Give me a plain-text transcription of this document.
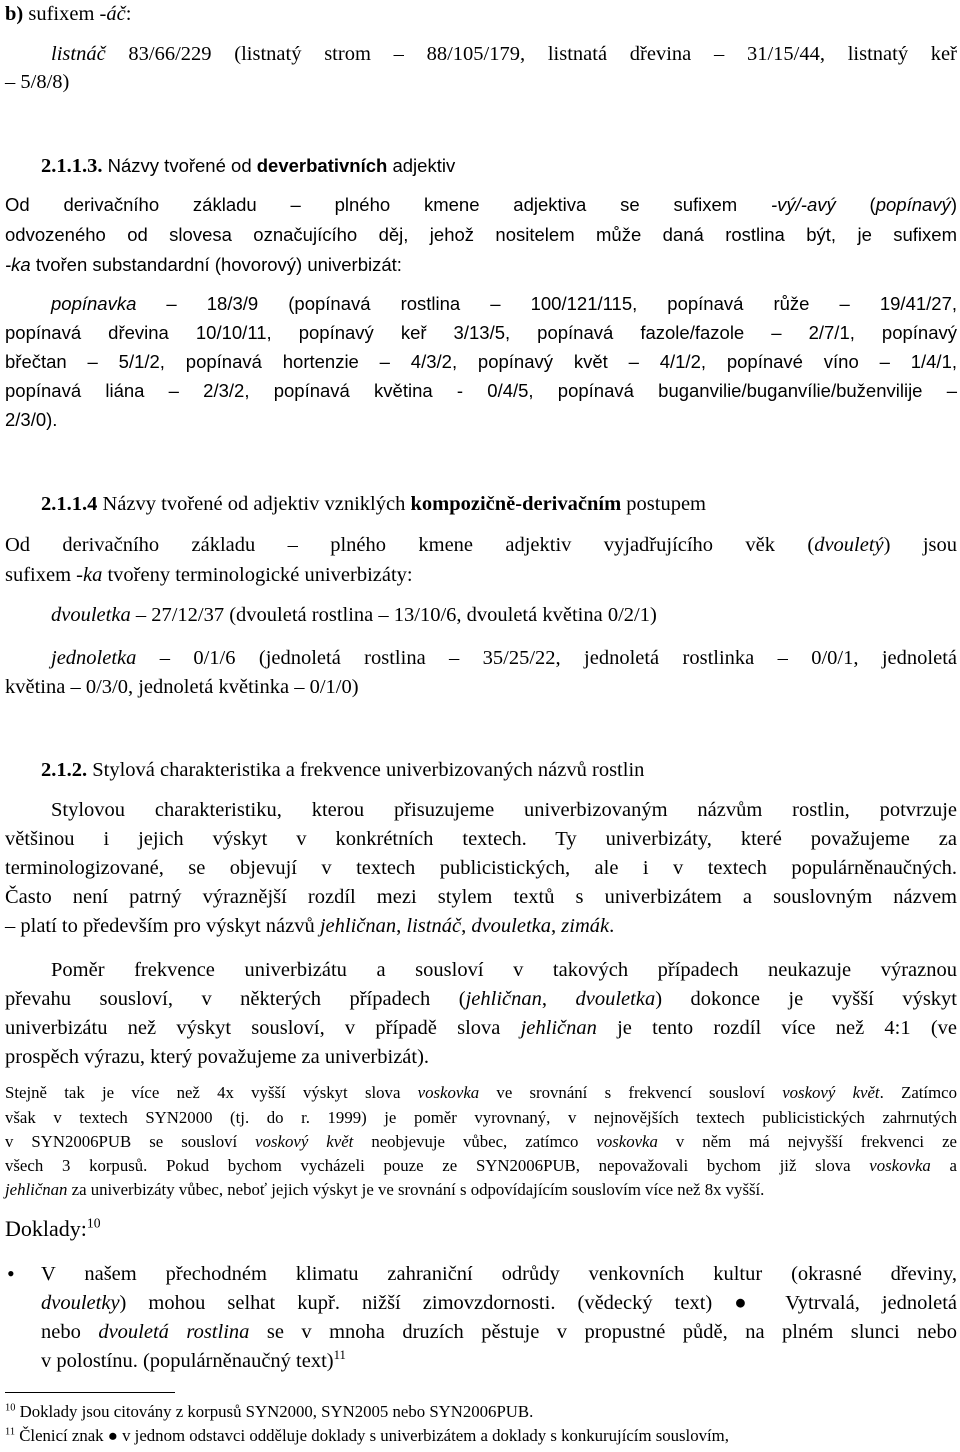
b) sufixem -áč:
listnáč 83/66/229 (listnatý strom – 88/105/179, listnatá dřevina – 31/15/44, listnatý keř
– 5/8/8)
2.1.1.3. Názvy tvořené od deverbativních adjektiv
Od derivačního základu – plného kmene adjektiva se sufixem -vý/-avý (popínavý)
odvozeného od slovesa označujícího děj, jehož nositelem může daná rostlina být, je sufixem
-ka tvořen substandardní (hovorový) univerbizát:
popínavka – 18/3/9 (popínavá rostlina – 100/121/115, popínavá růže – 19/41/27,
popínavá dřevina 10/10/11, popínavý keř 3/13/5, popínavá fazole/fazole – 2/7/1, popínavý
břečtan – 5/1/2, popínavá hortenzie – 4/3/2, popínavý květ – 4/1/2, popínavé víno – 1/4/1,
popínavá liána – 2/3/2, popínavá květina - 0/4/5, popínavá buganvilie/buganvílie/buženvilije –
2/3/0).
2.1.1.4 Názvy tvořené od adjektiv vzniklých kompozičně-derivačním postupem
Od derivačního základu – plného kmene adjektiv vyjadřujícího věk (dvouletý) jsou
sufixem -ka tvořeny terminologické univerbizáty:
dvouletka – 27/12/37 (dvouletá rostlina – 13/10/6, dvouletá květina 0/2/1)
jednoletka – 0/1/6 (jednoletá rostlina – 35/25/22, jednoletá rostlinka – 0/0/1, jednoletá
květina – 0/3/0, jednoletá květinka – 0/1/0)
2.1.2. Stylová charakteristika a frekvence univerbizovaných názvů rostlin
Stylovou charakteristiku, kterou přisuzujeme univerbizovaným názvům rostlin, potvrzuje
většinou i jejich výskyt v konkrétních textech. Ty univerbizáty, které považujeme za
terminologizované, se objevují v textech publicistických, ale i v textech populárněnaučných.
Často není patrný výraznější rozdíl mezi stylem textů s univerbizátem a souslovným názvem
– platí to především pro výskyt názvů jehličnan, listnáč, dvouletka, zimák.
Poměr frekvence univerbizátu a sousloví v takových případech neukazuje výraznou
převahu sousloví, v některých případech (jehličnan, dvouletka) dokonce je vyšší výskyt
univerbizátu než výskyt sousloví, v případě slova jehličnan je tento rozdíl více než 4:1 (ve
prospěch výrazu, který považujeme za univerbizát).
Stejně tak je více než 4x vyšší výskyt slova voskovka ve srovnání s frekvencí sousloví voskový květ. Zatímco
však v textech SYN2000 (tj. do r. 1999) je poměr vyrovnaný, v nejnovějších textech publicistických zahrnutých
v SYN2006PUB se sousloví voskový květ neobjevuje vůbec, zatímco voskovka v něm má nejvyšší frekvenci ze
všech 3 korpusů. Pokud bychom vycházeli pouze ze SYN2006PUB, nepovažovali bychom již slova voskovka a
jehličnan za univerbizáty vůbec, neboť jejich výskyt je ve srovnání s odpovídajícím souslovím více než 8x vyšší.
Doklady:$^{10}$
• V našem přechodném klimatu zahraniční odrůdy venkovních kultur (okrasné dřeviny,
dvouletky) mohou selhat kupř. nižší zimovzdornosti. (vědecký text) ● Vytrvalá, jednoletá
nebo dvouletá rostlina se v mnoha druzích pěstuje v propustné půdě, na plném slunci nebo
v polostínu. (populárněnaučný text)$^{11}$
$^{10}$ Doklady jsou citovány z korpusů SYN2000, SYN2005 nebo SYN2006PUB.
$^{11}$ Členicí znak ● v jednom odstavci odděluje doklady s univerbizátem a doklady s konkurujícím souslovím,
